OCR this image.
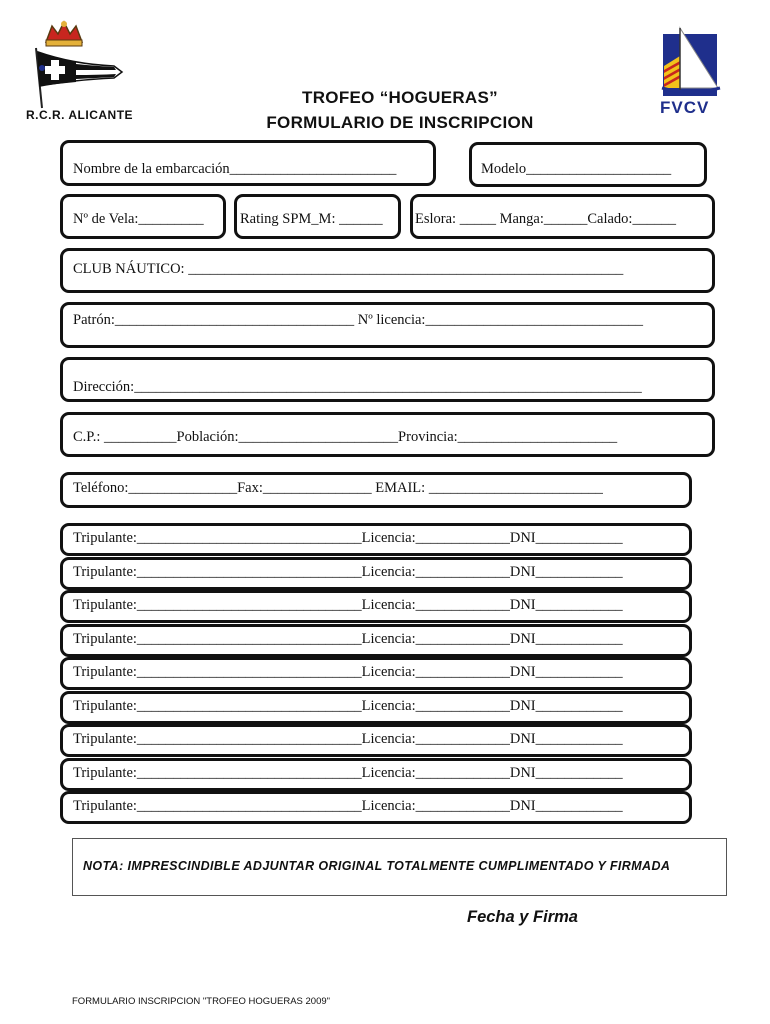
R.C.R. ALICANTE	FVCV
TROFEO “HOGUERAS”
FORMULARIO DE INSCRIPCION
Nombre de la embarcación_______________________	Modelo____________________
Nº de Vela:_________	Rating SPM_M: ______ Eslora: _____ Manga:______Calado:______
CLUB NÁUTICO: ____________________________________________________________
Patrón:_________________________________ Nº licencia:______________________________
Dirección:______________________________________________________________________
C.P.: __________Población:______________________Provincia:______________________
Teléfono:_______________Fax:_______________ EMAIL: ________________________
Tripulante:_______________________________Licencia:_____________DNI____________
Tripulante:_______________________________Licencia:_____________DNI____________
Tripulante:_______________________________Licencia:_____________DNI____________
Tripulante:_______________________________Licencia:_____________DNI____________
Tripulante:_______________________________Licencia:_____________DNI____________
Tripulante:_______________________________Licencia:_____________DNI____________
Tripulante:_______________________________Licencia:_____________DNI____________
Tripulante:_______________________________Licencia:_____________DNI____________
Tripulante:_______________________________Licencia:_____________DNI____________
NOTA: IMPRESCINDIBLE ADJUNTAR ORIGINAL TOTALMENTE CUMPLIMENTADO Y FIRMADA
Fecha y Firma
FORMULARIO INSCRIPCION "TROFEO HOGUERAS 2009"
